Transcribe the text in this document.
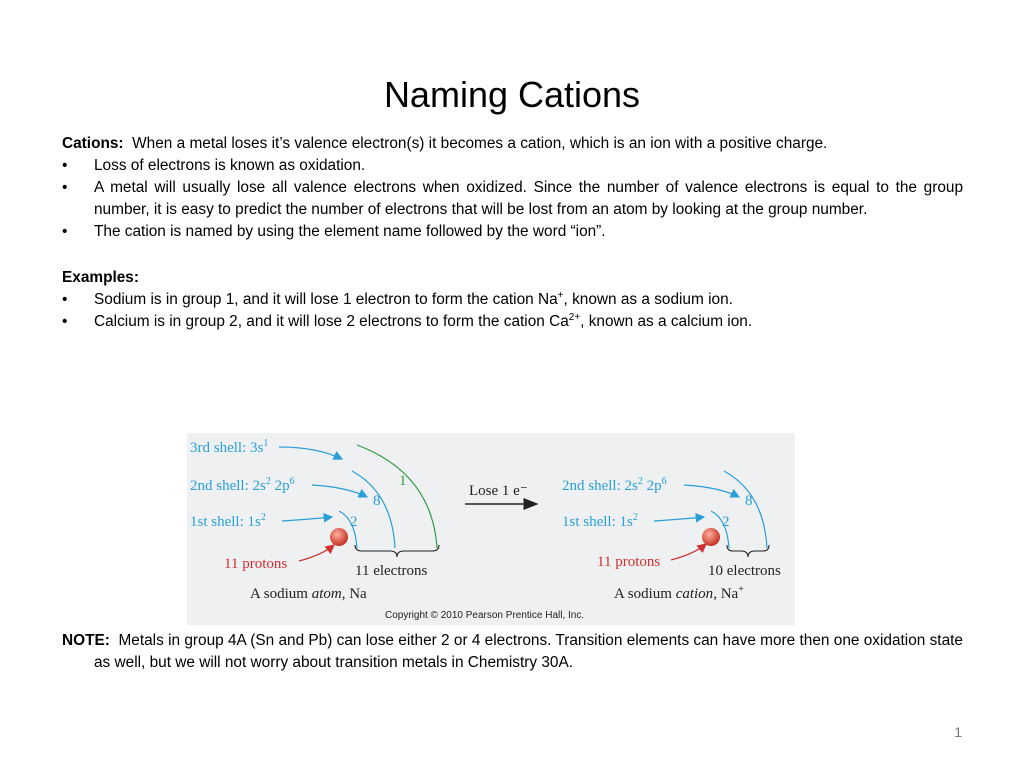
Naming Cations

Cations: When a metal loses it’s valence electron(s) it becomes a cation, which is an ion with a positive charge.

• Loss of electrons is known as oxidation.

• A metal will usually lose all valence electrons when oxidized. Since the number of valence electrons is equal to the group number, it is easy to predict the number of electrons that will be lost from an atom by looking at the group number.

• The cation is named by using the element name followed by the word “ion”.

Examples:

• Sodium is in group 1, and it will lose 1 electron to form the cation Na+, known as a sodium ion.

• Calcium is in group 2, and it will lose 2 electrons to form the cation $Ca^{2+}$, known as a calcium ion.

3rd shell: $3s^1$
2nd shell: $2s^2$ $2p^6$
1st shell: $1s^2$
11 protons
2
8
1
11 electrons
A sodium atom, Na
Lose 1 e⁻ 2nd shell: $2s^2$ $2p^6$
1st shell: $1s^2$
11 protons
2
8
10 electrons
A sodium cation, Na+
Copyright © 2010 Pearson Prentice Hall, Inc.

NOTE: Metals in group 4A (Sn and Pb) can lose either 2 or 4 electrons. Transition elements can have more then one oxidation state as well, but we will not worry about transition metals in Chemistry 30A.

1
